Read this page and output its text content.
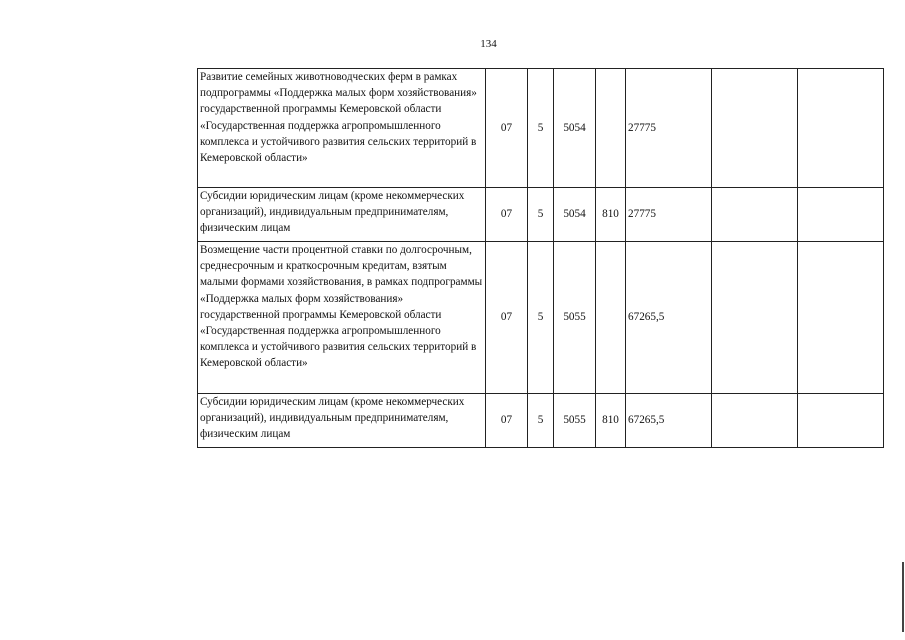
134
Развитие семейных животноводческих ферм в рамках подпрограммы «Поддержка малых форм хозяйствования» государственной программы Кемеровской области «Государственная поддержка агропромышленного комплекса и устойчивого развития сельских территорий в Кемеровской области»	07	5	5054		27775		
Субсидии юридическим лицам (кроме некоммерческих организаций), индивидуальным предпринимателям, физическим лицам	07	5	5054	810	27775		
Возмещение части процентной ставки по долгосрочным, среднесрочным и краткосрочным кредитам, взятым малыми формами хозяйствования, в рамках подпрограммы «Поддержка малых форм хозяйствования» государственной программы Кемеровской области «Государственная поддержка агропромышленного комплекса и устойчивого развития сельских территорий в Кемеровской области»	07	5	5055		67265,5		
Субсидии юридическим лицам (кроме некоммерческих организаций), индивидуальным предпринимателям, физическим лицам	07	5	5055	810	67265,5		
